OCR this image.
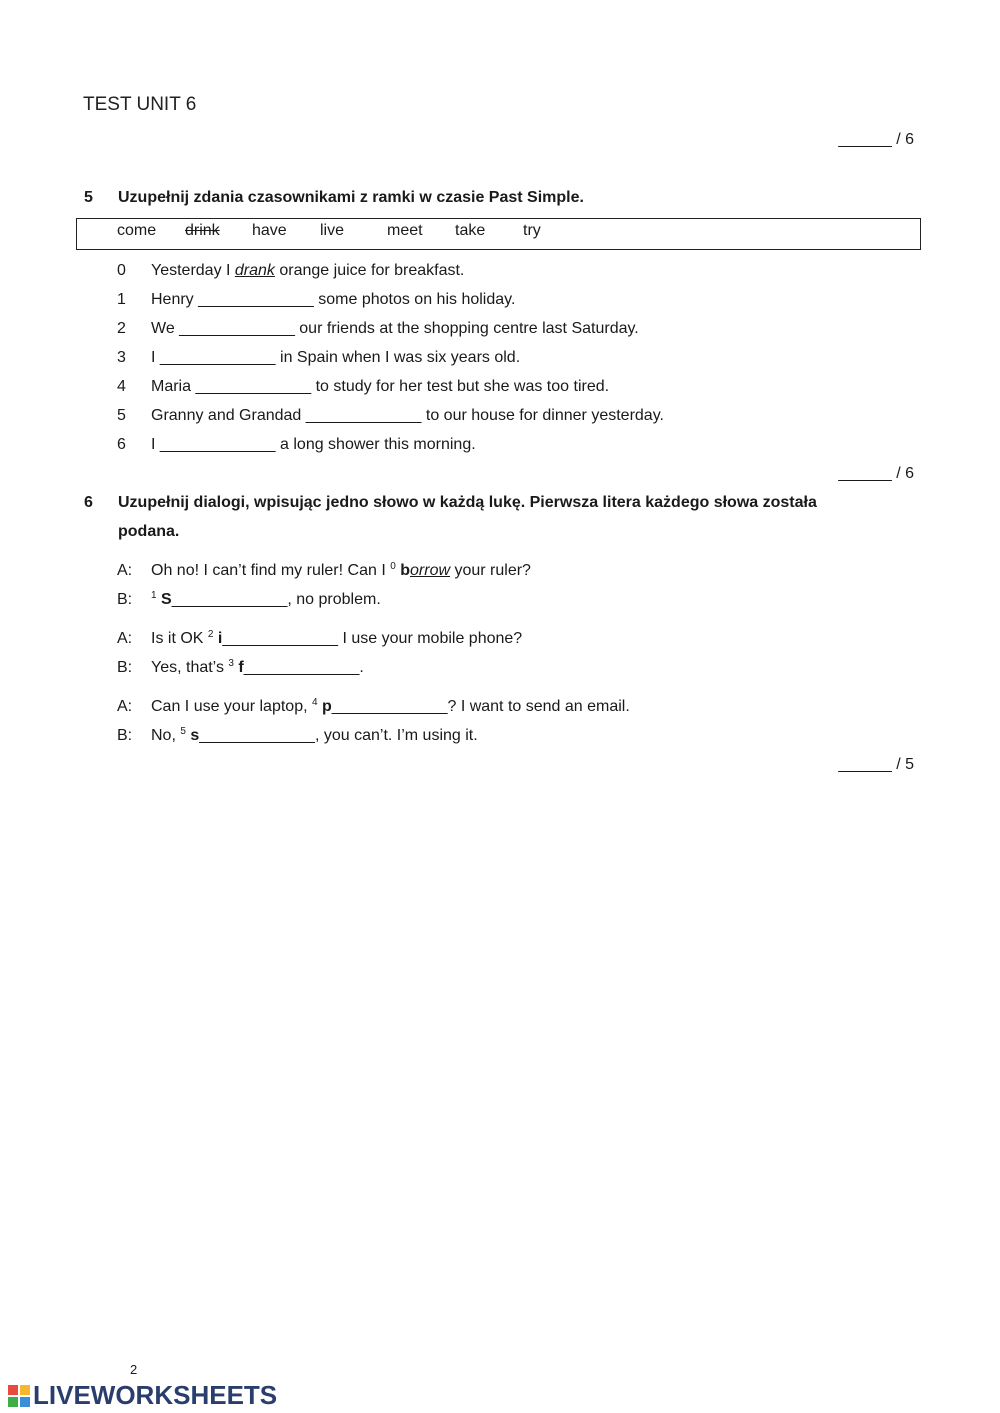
TEST UNIT 6
______ / 6
5 Uzupełnij zdania czasownikami z ramki w czasie Past Simple.
come drink have live	meet take try
0 Yesterday I drank orange juice for breakfast.
1 Henry _____________ some photos on his holiday.
2 We _____________ our friends at the shopping centre last Saturday.
3 I _____________ in Spain when I was six years old.
4 Maria _____________ to study for her test but she was too tired.
5 Granny and Grandad _____________ to our house for dinner yesterday.
6 I _____________ a long shower this morning.
______ / 6
6 Uzupełnij dialogi, wpisując jedno słowo w każdą lukę. Pierwsza litera każdego słowa została
podana.
A: Oh no! I can’t find my ruler! Can I $^0$ borrow your ruler?
B: $^1$ S_____________, no problem.
A: Is it OK $^2$ i_____________ I use your mobile phone?
B: Yes, that’s $^3$ f_____________.
A: Can I use your laptop, $^4$ p_____________? I want to send an email.
B: No, $^5$ s_____________, you can’t. I’m using it.
______ / 5
2
LIVEWORKSHEETS
